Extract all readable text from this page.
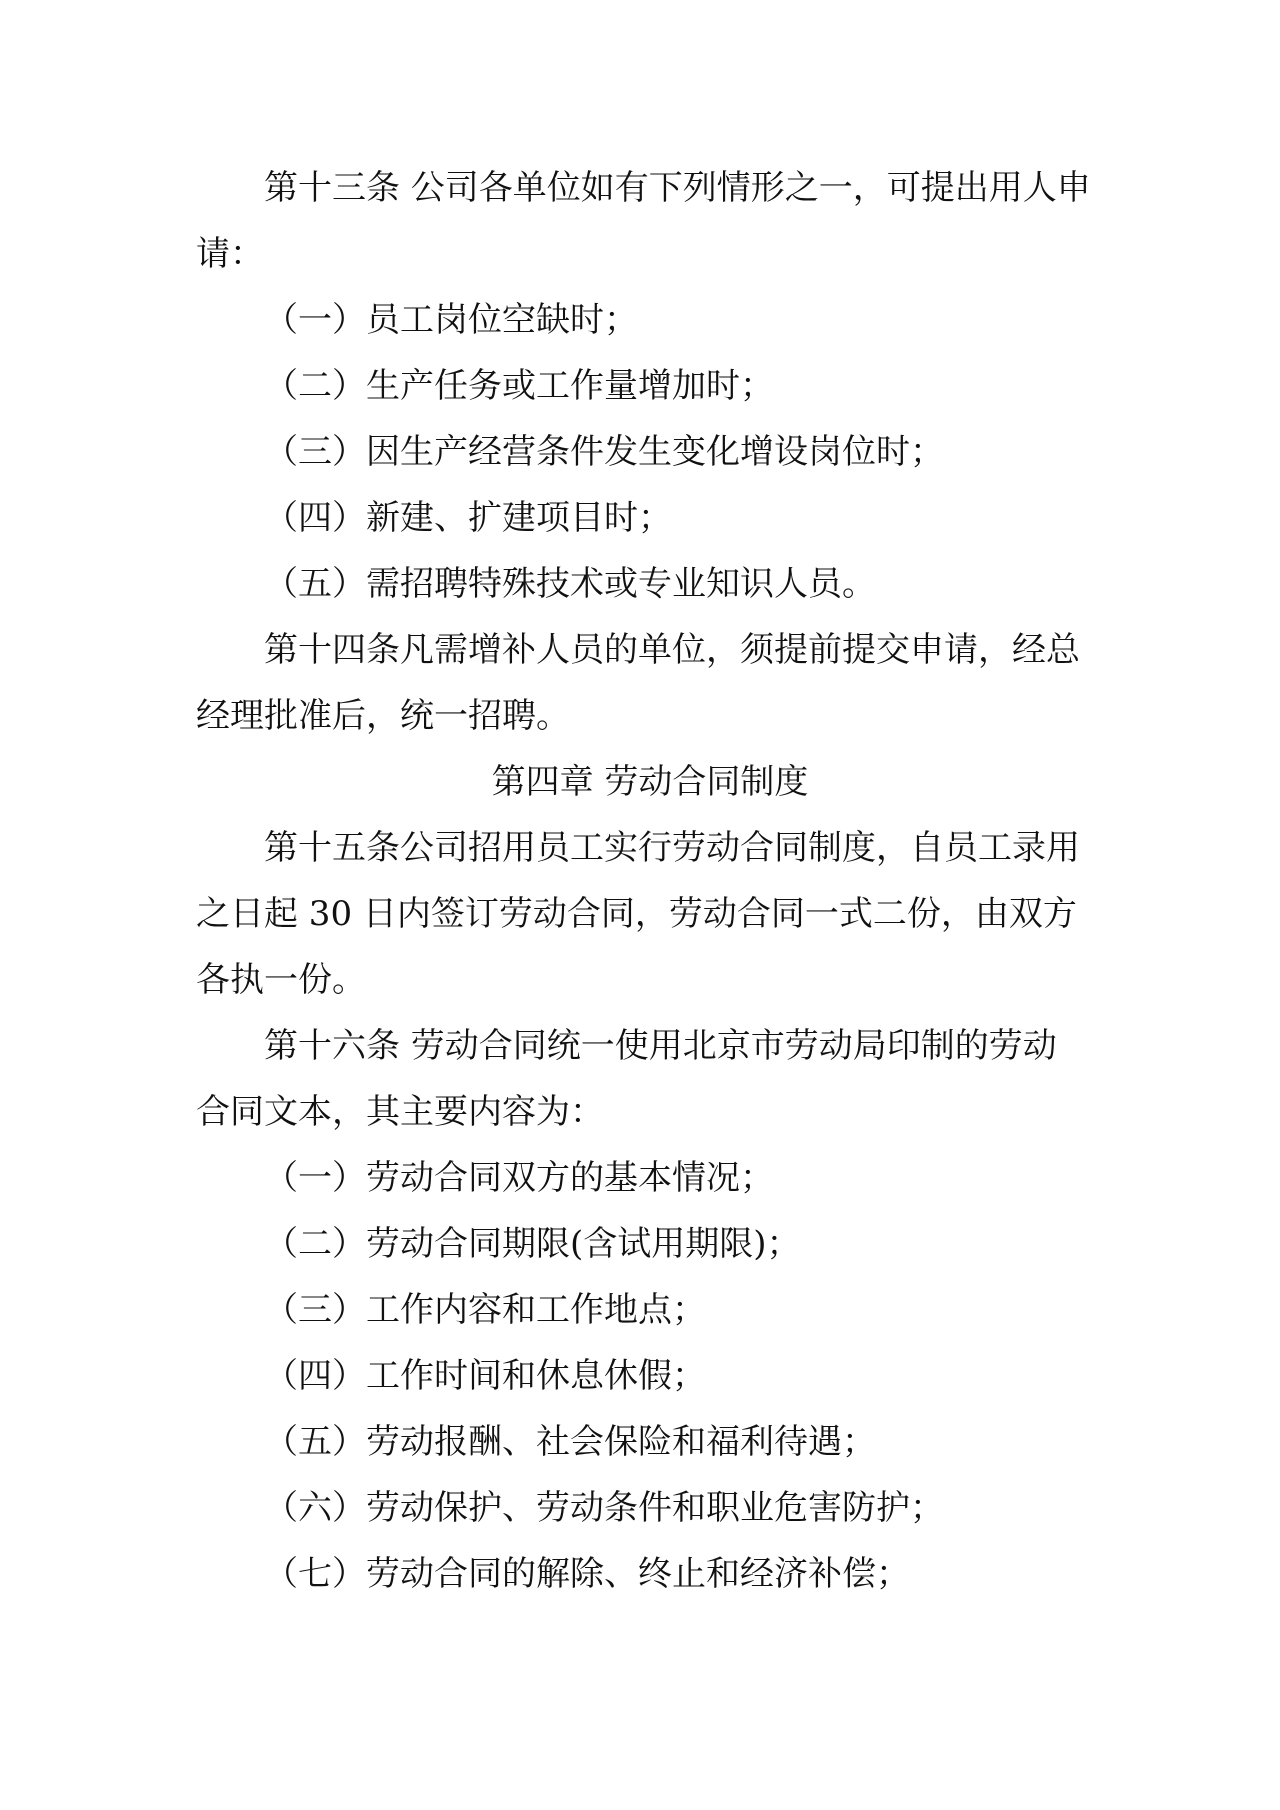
第十三条 公司各单位如有下列情形之一，可提出用人申

请：

（一）员工岗位空缺时；

（二）生产任务或工作量增加时；

（三）因生产经营条件发生变化增设岗位时；

（四）新建、扩建项目时；

（五）需招聘特殊技术或专业知识人员。

第十四条凡需增补人员的单位，须提前提交申请，经总

经理批准后，统一招聘。

第四章 劳动合同制度

第十五条公司招用员工实行劳动合同制度，自员工录用

之日起 30 日内签订劳动合同，劳动合同一式二份，由双方

各执一份。

第十六条 劳动合同统一使用北京市劳动局印制的劳动

合同文本，其主要内容为：

（一）劳动合同双方的基本情况；

（二）劳动合同期限(含试用期限)；

（三）工作内容和工作地点；

（四）工作时间和休息休假；

（五）劳动报酬、社会保险和福利待遇；

（六）劳动保护、劳动条件和职业危害防护；

（七）劳动合同的解除、终止和经济补偿；
